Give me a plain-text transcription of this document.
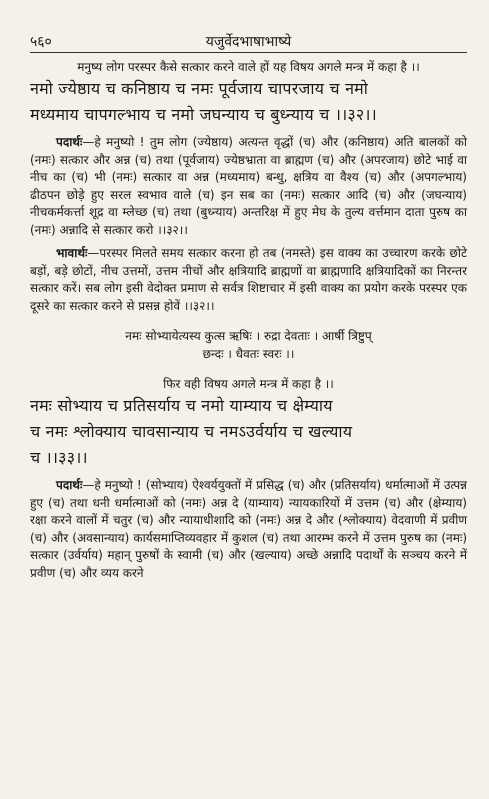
५६०	यजुर्वेदभाषाभाष्ये

मनुष्य लोग परस्पर कैसे सत्कार करने वाले हों यह विषय अगले मन्त्र में कहा है ।।

नमो ज्येष्ठाय च कनिष्ठाय च नमः पूर्वजाय चापरजाय च नमो
मध्यमाय चापगल्भाय च नमो जघन्याय च बुध्न्याय च ।।३२।।

पदार्थः—हे मनुष्यो ! तुम लोग (ज्येष्ठाय) अत्यन्त वृद्धों (च) और (कनिष्ठाय) अति बालकों को (नमः) सत्कार और अन्न (च) तथा (पूर्वजाय) ज्येष्ठभ्राता वा ब्राह्मण (च) और (अपरजाय) छोटे भाई वा नीच का (च) भी (नमः) सत्कार वा अन्न (मध्यमाय) बन्धु, क्षत्रिय वा वैश्य (च) और (अपगल्भाय) ढीठपन छोड़े हुए सरल स्वभाव वाले (च) इन सब का (नमः) सत्कार आदि (च) और (जघन्याय) नीचकर्मकर्त्ता शूद्र वा म्लेच्छ (च) तथा (बुध्न्याय) अन्तरिक्ष में हुए मेघ के तुल्य वर्त्तमान दाता पुरुष का (नमः) अन्नादि से सत्कार करो ।।३२।।

भावार्थः—परस्पर मिलते समय सत्कार करना हो तब (नमस्ते) इस वाक्य का उच्चारण करके छोटे बड़ों, बड़े छोटों, नीच उत्तमों, उत्तम नीचों और क्षत्रियादि ब्राह्मणों वा ब्राह्मणादि क्षत्रियादिकों का निरन्तर सत्कार करें। सब लोग इसी वेदोक्त प्रमाण से सर्वत्र शिष्टाचार में इसी वाक्य का प्रयोग करके परस्पर एक दूसरे का सत्कार करने से प्रसन्न होवें ।।३२।।

नमः सोभ्यायेत्यस्य कुत्स ऋषिः । रुद्रा देवताः । आर्षी त्रिष्टुप्

छन्दः । धैवतः स्वरः ।।

फिर वही विषय अगले मन्त्र में कहा है ।।

नमः सोभ्याय च प्रतिसर्याय च नमो याम्याय च क्षेम्याय
च नमः श्लोक्याय चावसान्याय च नमऽउर्वर्याय च खल्याय
च ।।३३।।

पदार्थः—हे मनुष्यो ! (सोभ्याय) ऐश्वर्ययुक्तों में प्रसिद्ध (च) और (प्रतिसर्याय) धर्मात्माओं में उत्पन्न हुए (च) तथा धनी धर्मात्माओं को (नमः) अन्न दे (याम्याय) न्यायकारियों में उत्तम (च) और (क्षेम्याय) रक्षा करने वालों में चतुर (च) और न्यायाधीशादि को (नमः) अन्न दे और (श्लोक्याय) वेदवाणी में प्रवीण (च) और (अवसान्याय) कार्यसमाप्तिव्यवहार में कुशल (च) तथा आरम्भ करने में उत्तम पुरुष का (नमः) सत्कार (उर्वर्याय) महान् पुरुषों के स्वामी (च) और (खल्याय) अच्छे अन्नादि पदार्थों के सञ्चय करने में प्रवीण (च) और व्यय करने
